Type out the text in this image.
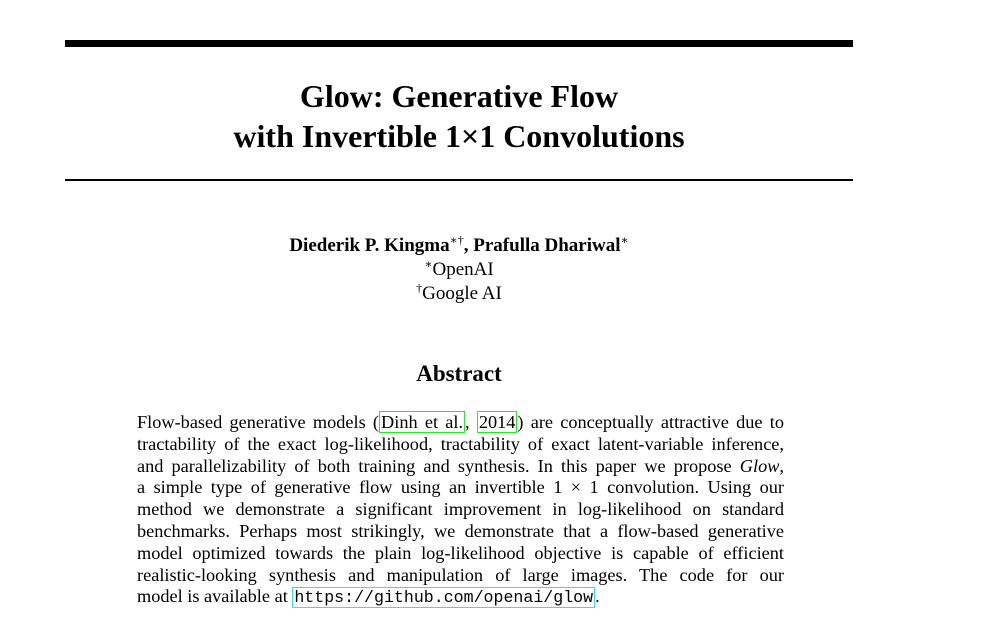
Glow: Generative Flow
with Invertible 1×1 Convolutions
Diederik P. Kingma∗†, Prafulla Dhariwal∗
∗OpenAI
†Google AI
Abstract
Flow-based generative models ( Dinh et al. , 2014 ) are conceptually attractive due to
tractability of the exact log-likelihood, tractability of exact latent-variable inference,
and parallelizability of both training and synthesis. In this paper we propose Glow,
a simple type of generative flow using an invertible 1 × 1 convolution. Using our
method we demonstrate a significant improvement in log-likelihood on standard
benchmarks. Perhaps most strikingly, we demonstrate that a flow-based generative
model optimized towards the plain log-likelihood objective is capable of efficient
realistic-looking synthesis and manipulation of large images. The code for our
model is available at https://github.com/openai/glow .
